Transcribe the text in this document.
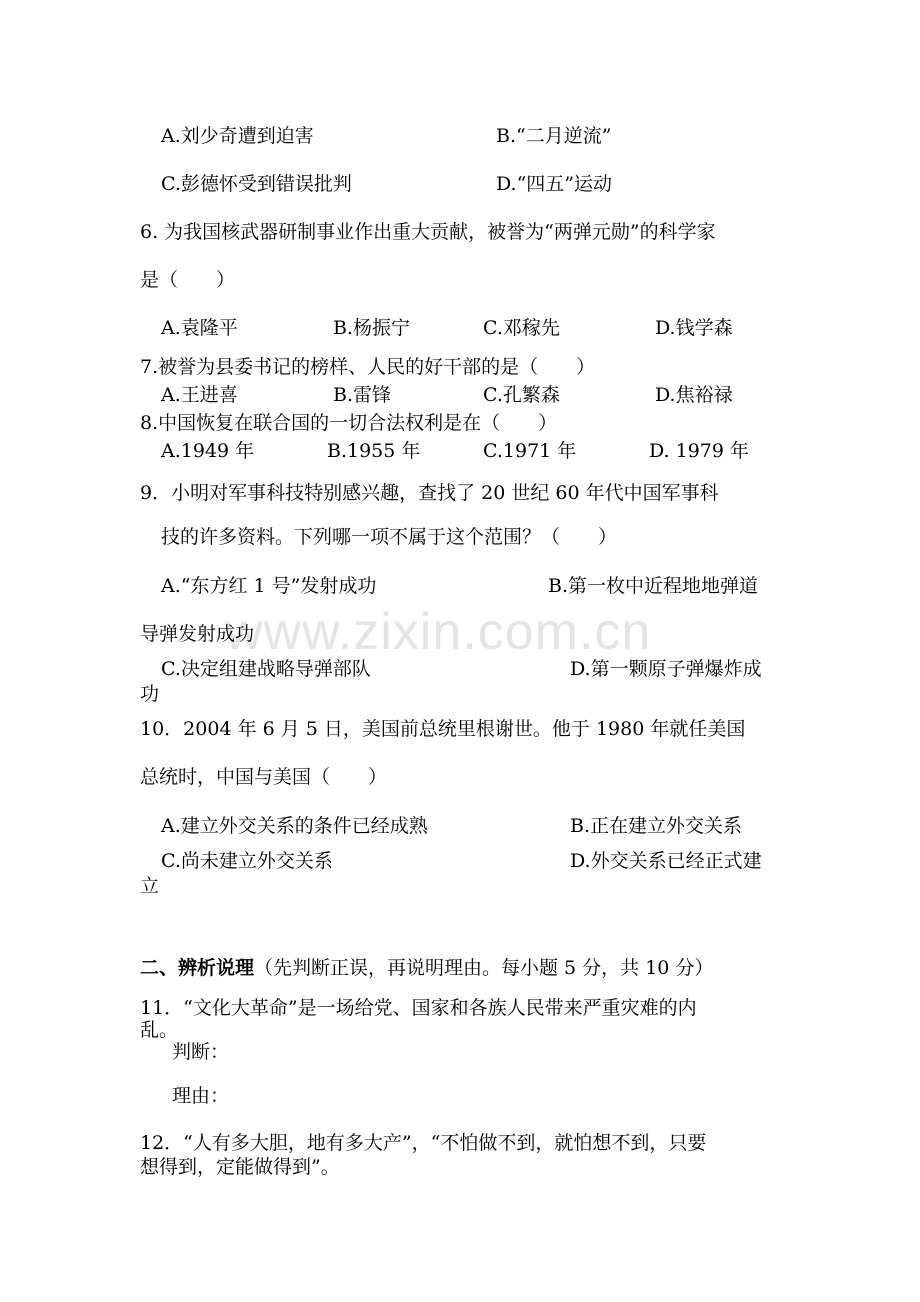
www.zixin.com.cn
A.刘少奇遭到迫害	B.“二月逆流”
C.彭德怀受到错误批判	D.“四五”运动
6. 为我国核武器研制事业作出重大贡献，被誉为“两弹元勋”的科学家
是（　　）
A.袁隆平	B.杨振宁	C.邓稼先	D.钱学森
7.被誉为县委书记的榜样、人民的好干部的是（　　）
A.王进喜	B.雷锋	C.孔繁森	D.焦裕禄
8.中国恢复在联合国的一切合法权利是在（　　）
A.1949 年	B.1955 年	C.1971 年	D. 1979 年
9．小明对军事科技特别感兴趣，查找了 20 世纪 60 年代中国军事科
技的许多资料。下列哪一项不属于这个范围？（　　）
A.“东方红 1 号”发射成功	B.第一枚中近程地地弹道
导弹发射成功
C.决定组建战略导弹部队	D.第一颗原子弹爆炸成
功
10．2004 年 6 月 5 日，美国前总统里根谢世。他于 1980 年就任美国
总统时，中国与美国（　　）
A.建立外交关系的条件已经成熟	B.正在建立外交关系
C.尚未建立外交关系	D.外交关系已经正式建
立
二、辨析说理（先判断正误，再说明理由。每小题 5 分，共 10 分）
11．“文化大革命”是一场给党、国家和各族人民带来严重灾难的内
乱。
判断：
理由：
12．“人有多大胆，地有多大产”，“不怕做不到，就怕想不到，只要
想得到，定能做得到”。
